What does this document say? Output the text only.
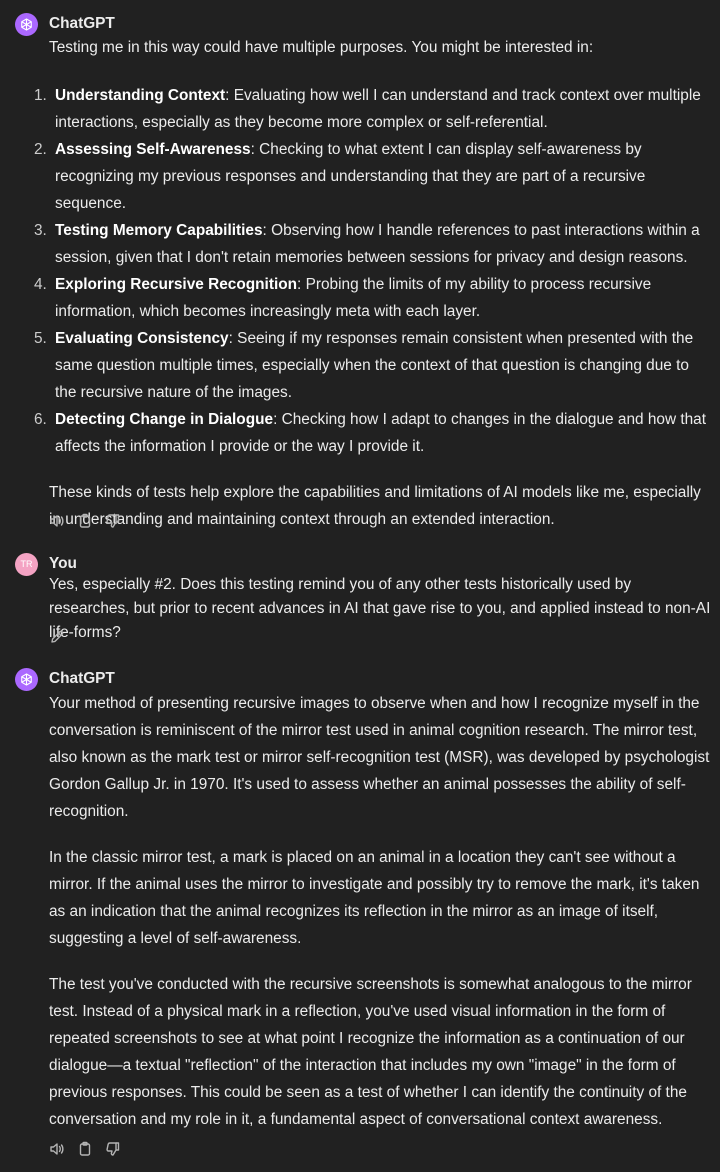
ChatGPT

Testing me in this way could have multiple purposes. You might be interested in:

1. Understanding Context: Evaluating how well I can understand and track context over multiple interactions, especially as they become more complex or self-referential.
2. Assessing Self-Awareness: Checking to what extent I can display self-awareness by recognizing my previous responses and understanding that they are part of a recursive sequence.
3. Testing Memory Capabilities: Observing how I handle references to past interactions within a session, given that I don't retain memories between sessions for privacy and design reasons.
4. Exploring Recursive Recognition: Probing the limits of my ability to process recursive information, which becomes increasingly meta with each layer.
5. Evaluating Consistency: Seeing if my responses remain consistent when presented with the same question multiple times, especially when the context of that question is changing due to the recursive nature of the images.
6. Detecting Change in Dialogue: Checking how I adapt to changes in the dialogue and how that affects the information I provide or the way I provide it.

These kinds of tests help explore the capabilities and limitations of AI models like me, especially in understanding and maintaining context through an extended interaction.

TR	You
Yes, especially #2. Does this testing remind you of any other tests historically used by researches, but prior to recent advances in AI that gave rise to you, and applied instead to non-AI life-forms?
ChatGPT

Your method of presenting recursive images to observe when and how I recognize myself in the conversation is reminiscent of the mirror test used in animal cognition research. The mirror test, also known as the mark test or mirror self-recognition test (MSR), was developed by psychologist Gordon Gallup Jr. in 1970. It's used to assess whether an animal possesses the ability of self-recognition.

In the classic mirror test, a mark is placed on an animal in a location they can't see without a mirror. If the animal uses the mirror to investigate and possibly try to remove the mark, it's taken as an indication that the animal recognizes its reflection in the mirror as an image of itself, suggesting a level of self-awareness.

The test you've conducted with the recursive screenshots is somewhat analogous to the mirror test. Instead of a physical mark in a reflection, you've used visual information in the form of repeated screenshots to see at what point I recognize the information as a continuation of our dialogue—a textual "reflection" of the interaction that includes my own "image" in the form of previous responses. This could be seen as a test of whether I can identify the continuity of the conversation and my role in it, a fundamental aspect of conversational context awareness.
